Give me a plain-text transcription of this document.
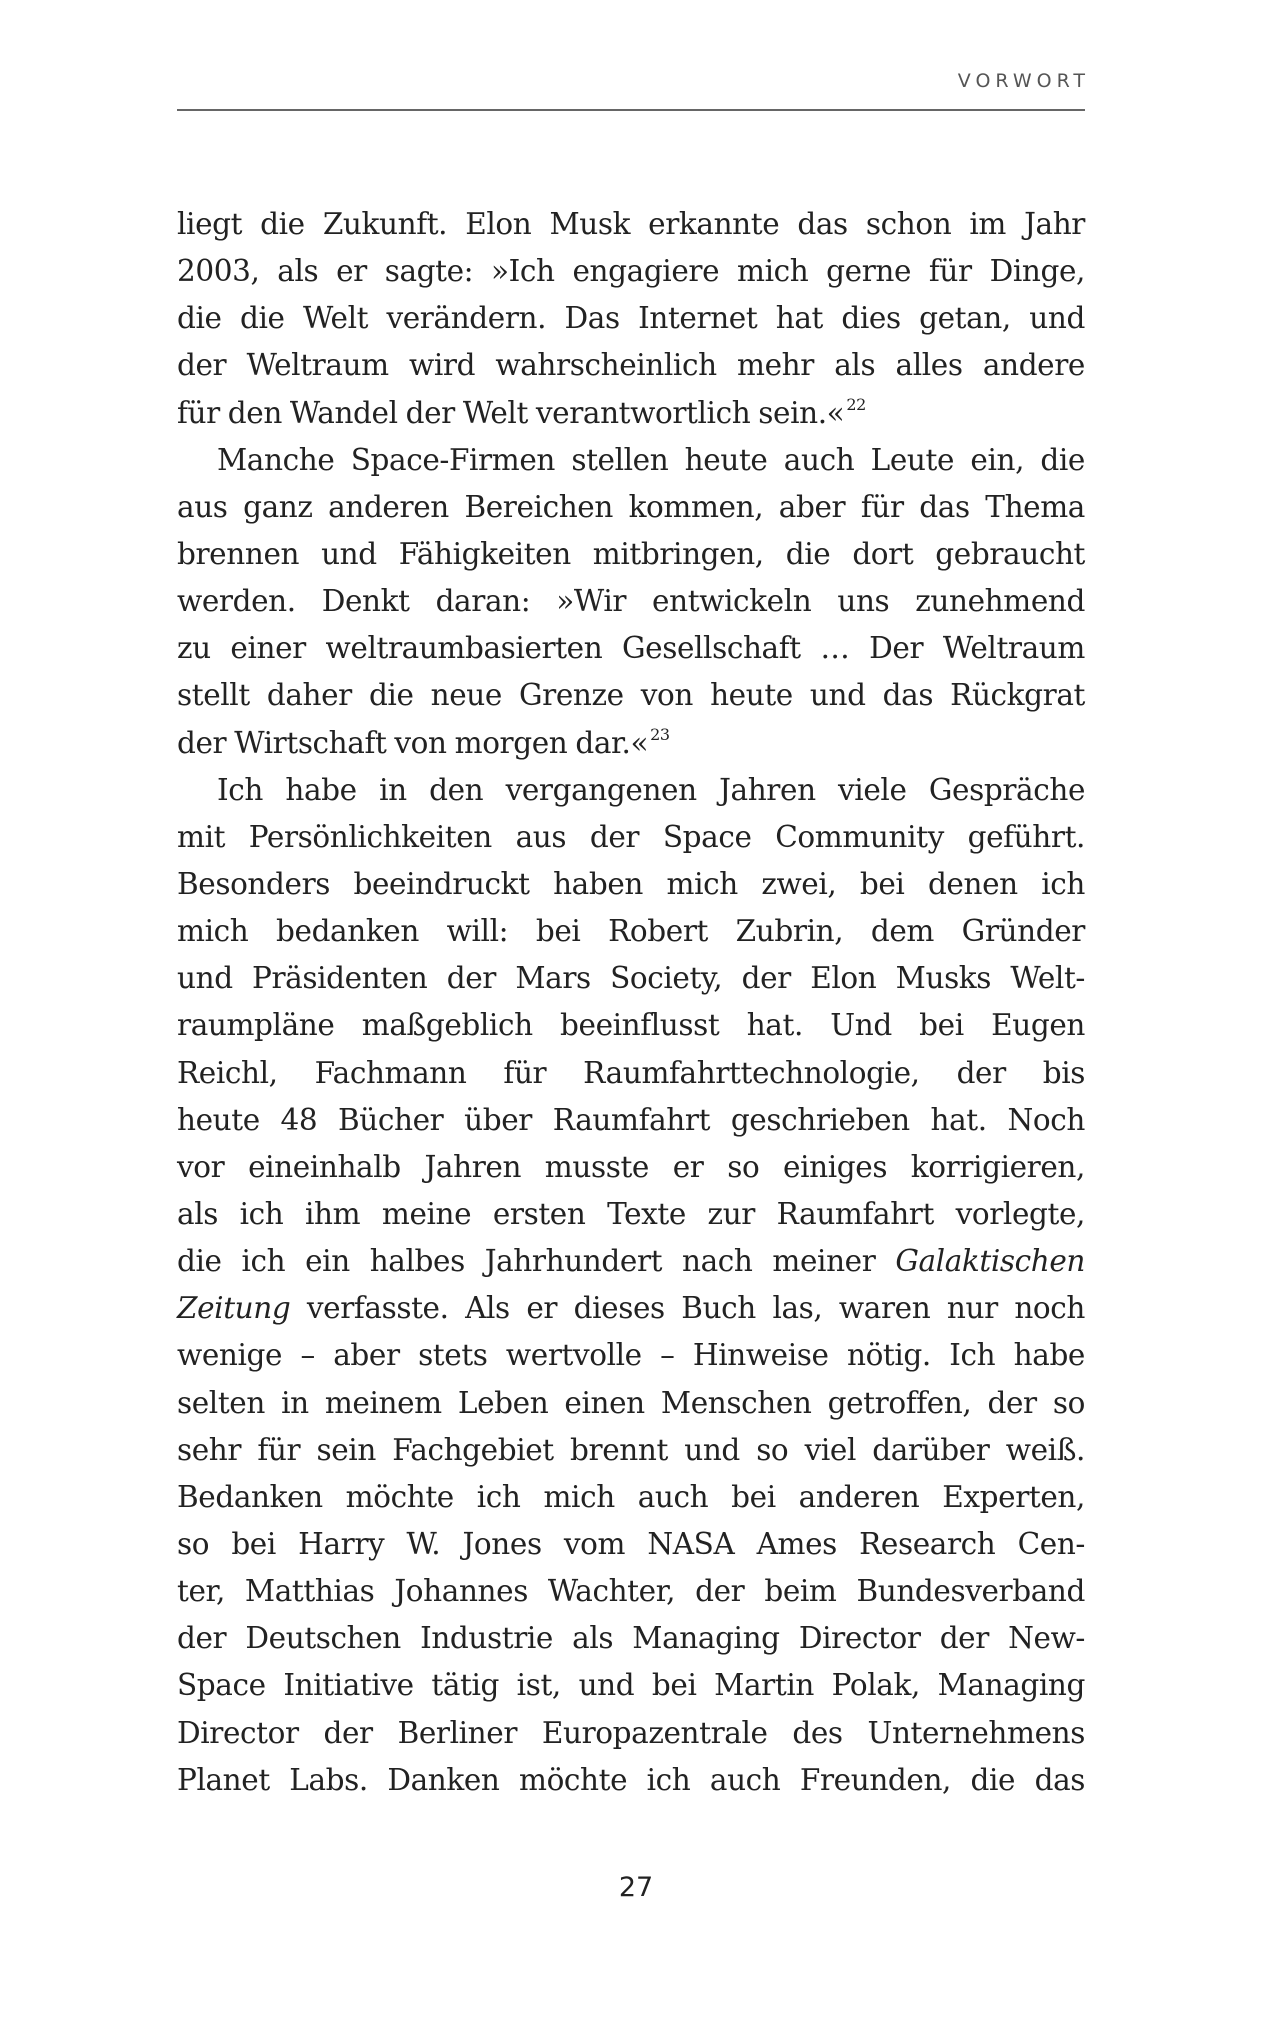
VORWORT
liegt die Zukunft. Elon Musk erkannte das schon im Jahr
2003, als er sagte: »Ich engagiere mich gerne für Dinge,
die die Welt verändern. Das Internet hat dies getan, und
der Weltraum wird wahrscheinlich mehr als alles andere
für den Wandel der Welt verantwortlich sein.« $^{22}$
Manche Space-Firmen stellen heute auch Leute ein, die
aus ganz anderen Bereichen kommen, aber für das Thema
brennen und Fähigkeiten mitbringen, die dort gebraucht
werden. Denkt daran: »Wir entwickeln uns zunehmend
zu einer weltraumbasierten Gesellschaft … Der Weltraum
stellt daher die neue Grenze von heute und das Rückgrat
der Wirtschaft von morgen dar.« $^{23}$
Ich habe in den vergangenen Jahren viele Gespräche
mit Persönlichkeiten aus der Space Community geführt.
Besonders beeindruckt haben mich zwei, bei denen ich
mich bedanken will: bei Robert Zubrin, dem Gründer
und Präsidenten der Mars Society, der Elon Musks Welt-
raumpläne maßgeblich beeinflusst hat. Und bei Eugen
Reichl, Fachmann für Raumfahrttechnologie, der bis
heute 48 Bücher über Raumfahrt geschrieben hat. Noch
vor eineinhalb Jahren musste er so einiges korrigieren,
als ich ihm meine ersten Texte zur Raumfahrt vorlegte,
die ich ein halbes Jahrhundert nach meiner Galaktischen
Zeitung verfasste. Als er dieses Buch las, waren nur noch
wenige – aber stets wertvolle – Hinweise nötig. Ich habe
selten in meinem Leben einen Menschen getroffen, der so
sehr für sein Fachgebiet brennt und so viel darüber weiß.
Bedanken möchte ich mich auch bei anderen Experten,
so bei Harry W. Jones vom NASA Ames Research Cen-
ter, Matthias Johannes Wachter, der beim Bundesverband
der Deutschen Industrie als Managing Director der New-
Space Initiative tätig ist, und bei Martin Polak, Managing
Director der Berliner Europazentrale des Unternehmens
Planet Labs. Danken möchte ich auch Freunden, die das
27
